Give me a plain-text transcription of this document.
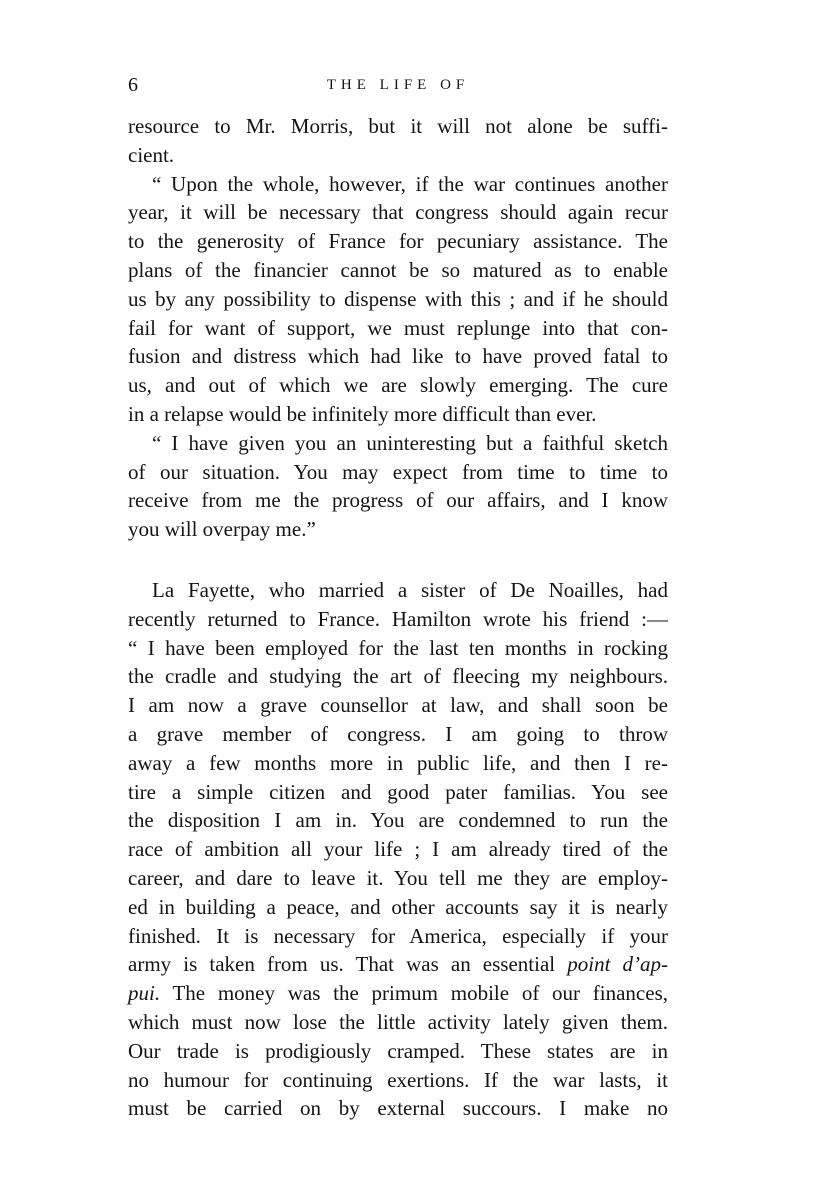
6	THE LIFE OF
resource to Mr. Morris, but it will not alone be suffi-
cient.
“ Upon the whole, however, if the war continues another
year, it will be necessary that congress should again recur
to the generosity of France for pecuniary assistance. The
plans of the financier cannot be so matured as to enable
us by any possibility to dispense with this ; and if he should
fail for want of support, we must replunge into that con-
fusion and distress which had like to have proved fatal to
us, and out of which we are slowly emerging. The cure
in a relapse would be infinitely more difficult than ever.
“ I have given you an uninteresting but a faithful sketch
of our situation. You may expect from time to time to
receive from me the progress of our affairs, and I know
you will overpay me.”
La Fayette, who married a sister of De Noailles, had
recently returned to France. Hamilton wrote his friend :—
“ I have been employed for the last ten months in rocking
the cradle and studying the art of fleecing my neighbours.
I am now a grave counsellor at law, and shall soon be
a grave member of congress. I am going to throw
away a few months more in public life, and then I re-
tire a simple citizen and good pater familias. You see
the disposition I am in. You are condemned to run the
race of ambition all your life ; I am already tired of the
career, and dare to leave it. You tell me they are employ-
ed in building a peace, and other accounts say it is nearly
finished. It is necessary for America, especially if your
army is taken from us. That was an essential point d’ap-
pui. The money was the primum mobile of our finances,
which must now lose the little activity lately given them.
Our trade is prodigiously cramped. These states are in
no humour for continuing exertions. If the war lasts, it
must be carried on by external succours. I make no
